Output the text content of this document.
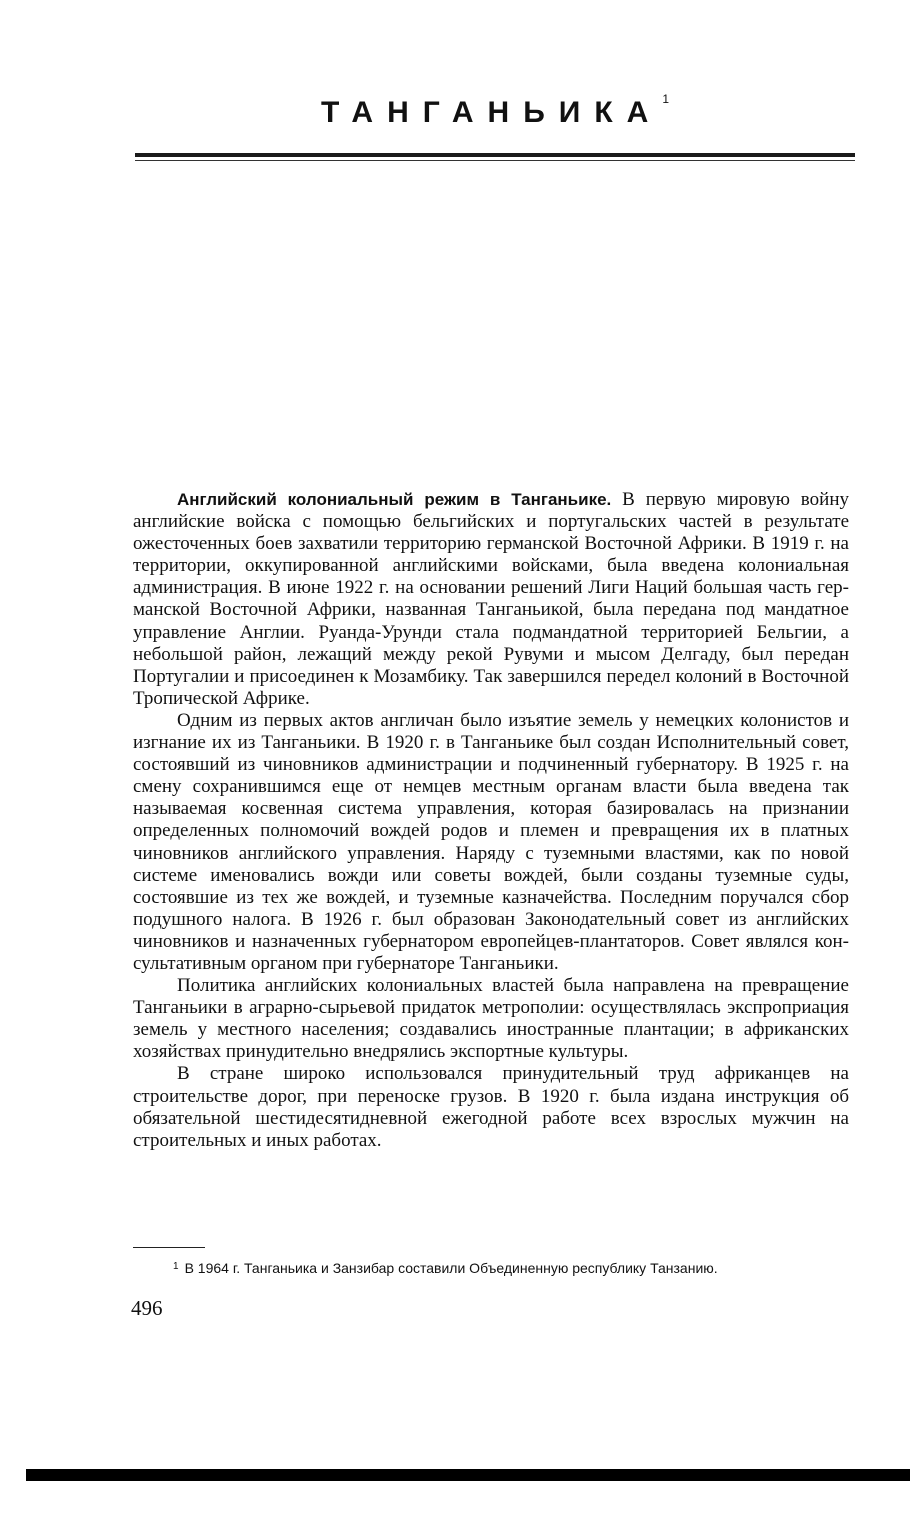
ТАНГАНЬИКА$^1$

Английский колониальный режим в Танганьике. В первую мировую войну английские войска с помощью бельгийских и португальских частей в результате ожесточенных боев захватили территорию германской Восточной Африки. В 1919 г. на территории, оккупированной английскими войсками, была введена колониальная администрация. В июне 1922 г. на основании решений Лиги Наций большая часть германской Восточной Африки, названная Танганьикой, была передана под мандатное управление Англии. Руанда-Урунди стала подмандатной территорией Бельгии, а небольшой район, лежащий между рекой Рувуми и мысом Делгаду, был передан Португалии и присоединен к Мозамбику. Так завершился передел колоний в Восточной Тропической Африке.

Одним из первых актов англичан было изъятие земель у немецких колонистов и изгнание их из Танганьики. В 1920 г. в Танганьике был создан Исполнительный совет, состоявший из чиновников администрации и подчиненный губернатору. В 1925 г. на смену сохранившимся еще от немцев местным органам власти была введена так называемая косвенная система управления, которая базировалась на признании определенных полномочий вождей родов и племен и превращения их в платных чиновников английского управления. Наряду с туземными властями, как по новой системе именовались вожди или советы вождей, были созданы туземные суды, состоявшие из тех же вождей, и туземные казначейства. Последним поручался сбор подушного налога. В 1926 г. был образован Законодательный совет из английских чиновников и назначенных губернатором европейцев-плантаторов. Совет являлся консультативным органом при губернаторе Танганьики.

Политика английских колониальных властей была направлена на превращение Танганьики в аграрно-сырьевой придаток метрополии: осуществлялась экспроприация земель у местного населения; создавались иностранные плантации; в африканских хозяйствах принудительно внедрялись экспортные культуры.

В стране широко использовался принудительный труд африканцев на строительстве дорог, при переноске грузов. В 1920 г. была издана инструкция об обязательной шестидесятидневной ежегодной работе всех взрослых мужчин на строительных и иных работах.

$^1$ В 1964 г. Танганьика и Занзибар составили Объединенную республику Танзанию.
496
